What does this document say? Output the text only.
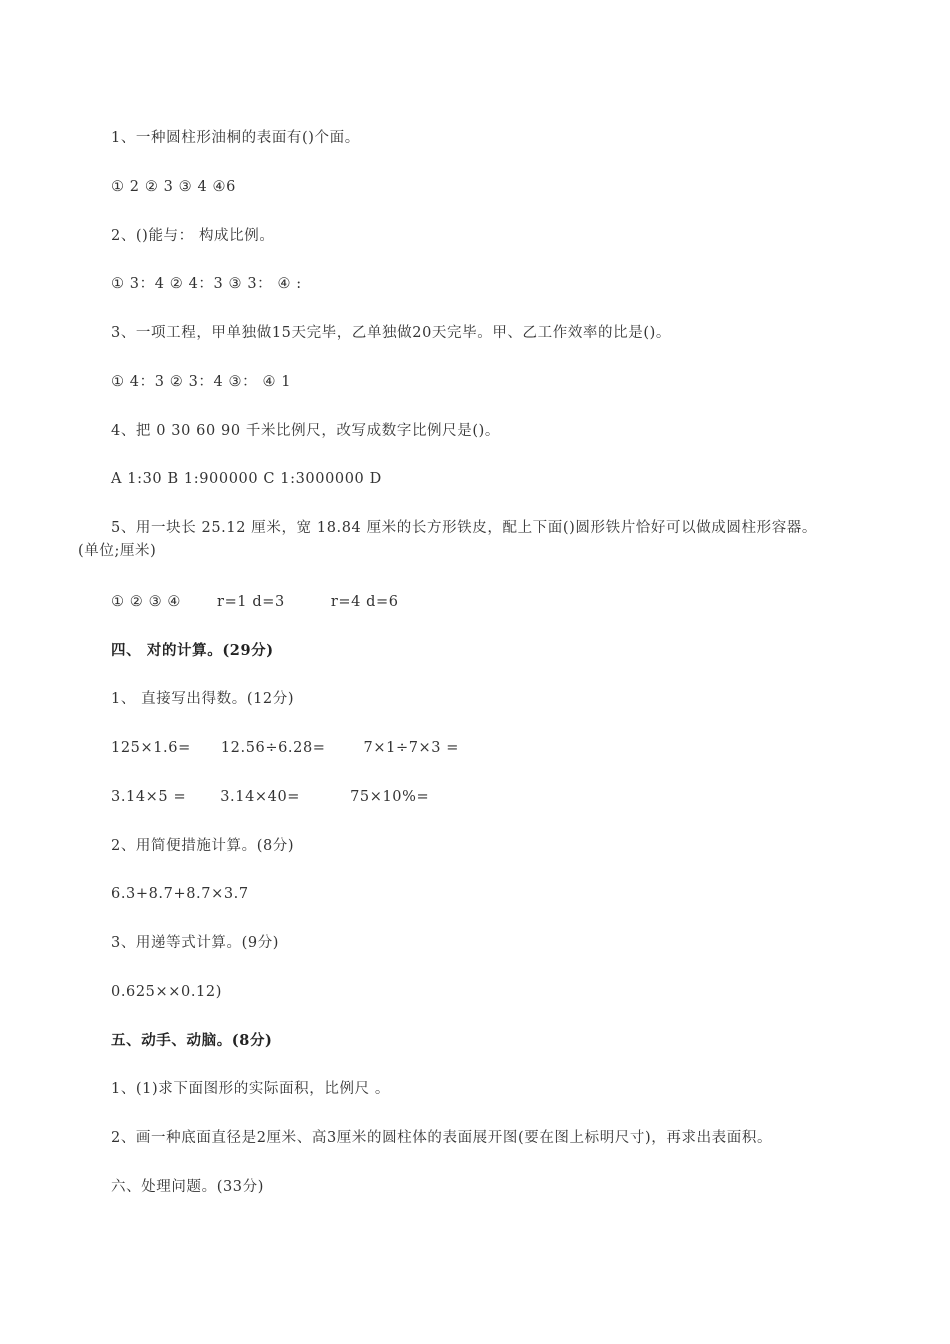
1、一种圆柱形油桐的表面有()个面。
① 2 ② 3 ③ 4 ④6
2、()能与： 构成比例。
① 3：4 ② 4：3 ③ 3： ④ :
3、一项工程，甲单独做15天完毕，乙单独做20天完毕。甲、乙工作效率的比是()。
① 4：3 ② 3：4 ③： ④ 1
4、把 0 30 60 90 千米比例尺，改写成数字比例尺是()。
A 1:30 B 1:900000 C 1:3000000 D
5、用一块长 25.12 厘米，宽 18.84 厘米的长方形铁皮，配上下面()圆形铁片恰好可以做成圆柱形容器。
(单位;厘米)
① ② ③ ④ r=1 d=3	r=4 d=6
四、 对的计算。(29分)
1、 直接写出得数。(12分)
125×1.6= 12.56÷6.28=	7×1÷7×3 =
3.14×5 = 3.14×40=	75×10%=
2、用简便措施计算。(8分)
6.3+8.7+8.7×3.7
3、用递等式计算。(9分)
0.625××0.12)
五、动手、动脑。(8分)
1、(1)求下面图形的实际面积，比例尺 。
2、画一种底面直径是2厘米、高3厘米的圆柱体的表面展开图(要在图上标明尺寸)，再求出表面积。
六、处理问题。(33分)
